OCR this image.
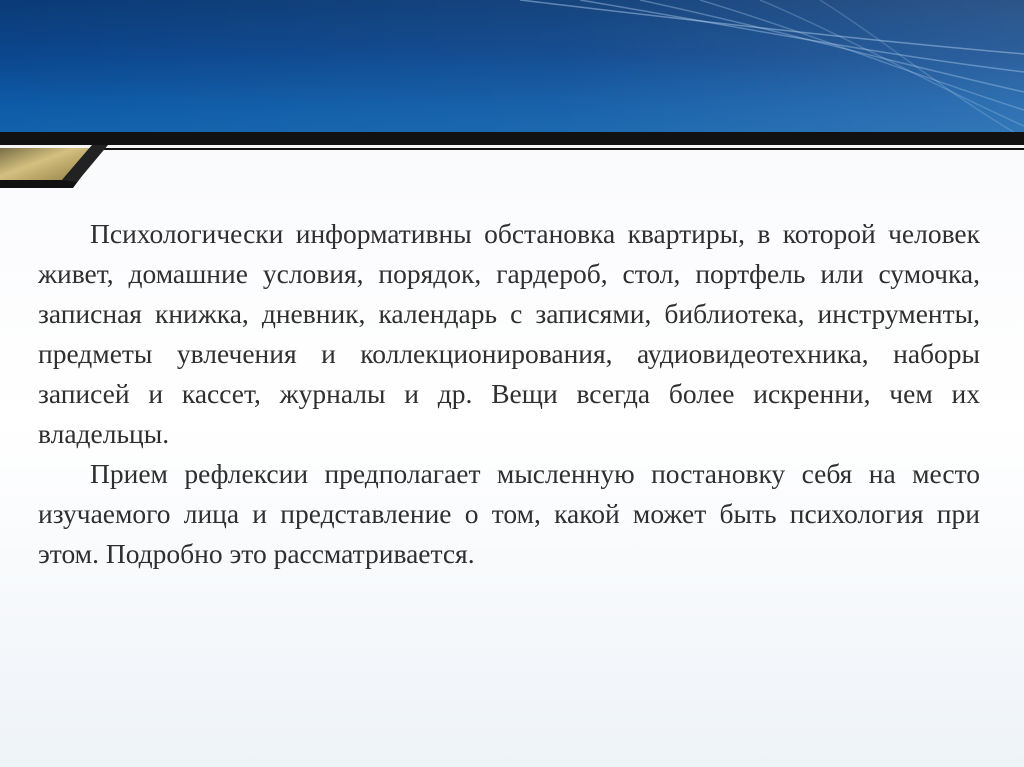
Психологически информативны обстановка квартиры, в которой человек живет, домашние условия, порядок, гардероб, стол, портфель или сумочка, записная книжка, дневник, календарь с записями, библиотека, инструменты, предметы увлечения и коллекционирования, аудиовидеотехника, наборы записей и кассет, журналы и др. Вещи всегда более искренни, чем их владельцы.

Прием рефлексии предполагает мысленную постановку себя на место изучаемого лица и представление о том, какой может быть психология при этом. Подробно это рассматривается.
